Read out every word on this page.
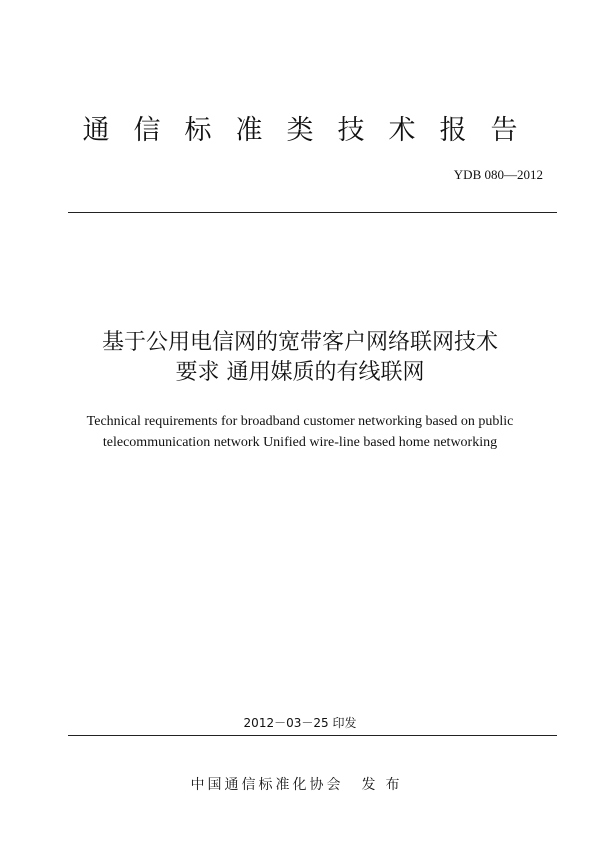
通信标准类技术报告
YDB 080—2012
基于公用电信网的宽带客户网络联网技术
要求 通用媒质的有线联网
Technical requirements for broadband customer networking based on public
telecommunication network Unified wire-line based home networking
2012－03－25 印发
中国通信标准化协会 发布
